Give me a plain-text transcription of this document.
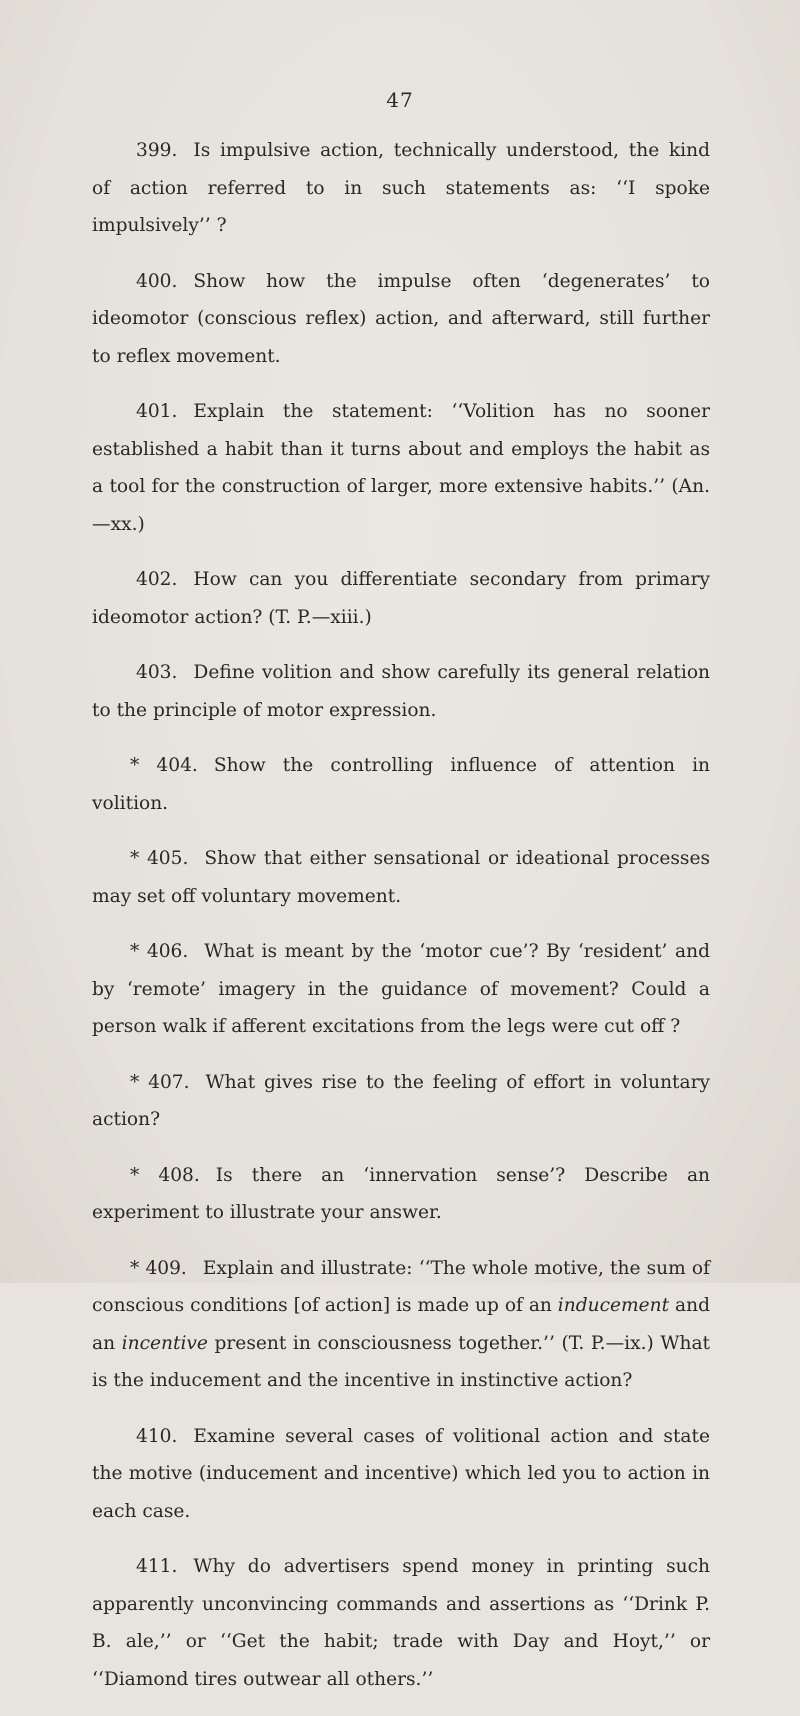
47

399. Is impulsive action, technically understood, the kind of action referred to in such statements as: ‘‘I spoke impulsively’’ ?

400. Show how the impulse often ‘degenerates’ to ideomotor (conscious reflex) action, and afterward, still further to reflex movement.

401. Explain the statement: ‘‘Volition has no sooner established a habit than it turns about and employs the habit as a tool for the construction of larger, more extensive habits.’’ (An.—xx.)

402. How can you differentiate secondary from primary ideomotor action? (T. P.—xiii.)

403. Define volition and show carefully its general relation to the principle of motor expression.

* 404. Show the controlling influence of attention in volition.

* 405. Show that either sensational or ideational processes may set off voluntary movement.

* 406. What is meant by the ‘motor cue’? By ‘resident’ and by ‘remote’ imagery in the guidance of movement? Could a person walk if afferent excitations from the legs were cut off ?

* 407. What gives rise to the feeling of effort in voluntary action?

* 408. Is there an ‘innervation sense’? Describe an experiment to illustrate your answer.

* 409. Explain and illustrate: ‘‘The whole motive, the sum of conscious conditions [of action] is made up of an inducement and an incentive present in consciousness together.’’ (T. P.—ix.) What is the inducement and the incentive in instinctive action?

410. Examine several cases of volitional action and state the motive (inducement and incentive) which led you to action in each case.

411. Why do advertisers spend money in printing such apparently unconvincing commands and assertions as ‘‘Drink P. B. ale,’’ or ‘‘Get the habit; trade with Day and Hoyt,’’ or ‘‘Diamond tires outwear all others.’’
